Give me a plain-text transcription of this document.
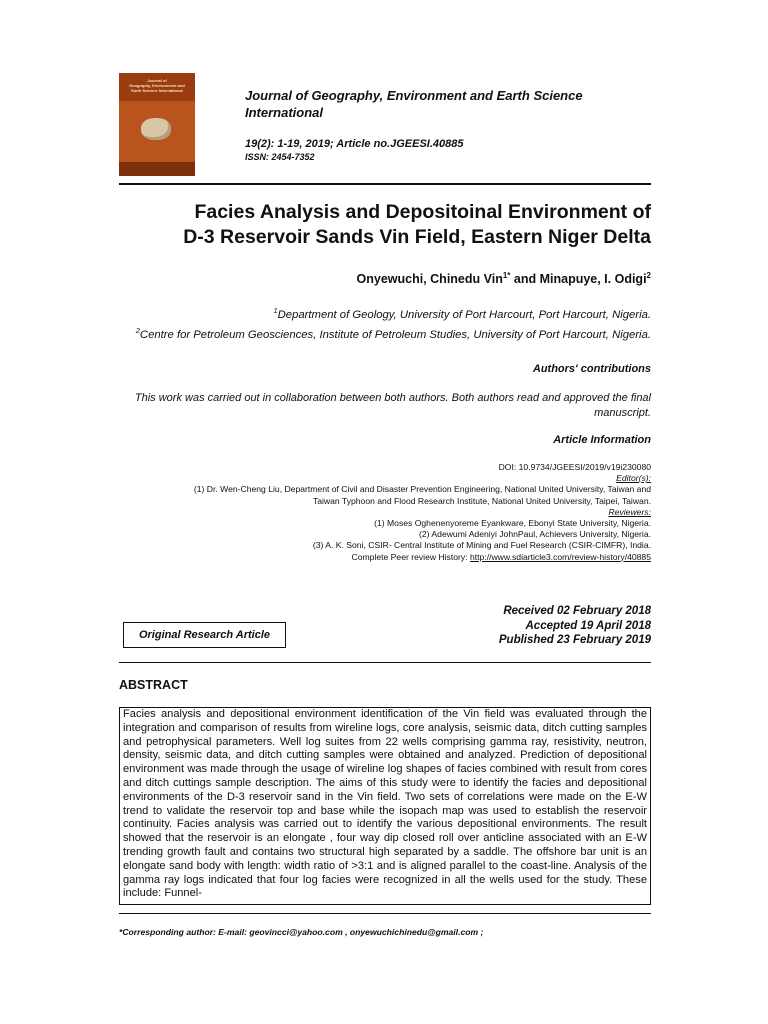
Journal of
Geography, Environment and
Earth Science International	Journal of Geography, Environment and Earth Science International
19(2): 1-19, 2019; Article no.JGEESI.40885
ISSN: 2454-7352
Facies Analysis and Depositoinal Environment of
D-3 Reservoir Sands Vin Field, Eastern Niger Delta
Onyewuchi, Chinedu Vin$^{1*}$ and Minapuye, I. Odigi$^2$
$^1$Department of Geology, University of Port Harcourt, Port Harcourt, Nigeria.
$^2$Centre for Petroleum Geosciences, Institute of Petroleum Studies, University of Port Harcourt, Nigeria.
Authors' contributions
This work was carried out in collaboration between both authors. Both authors read and approved the final manuscript.
Article Information
DOI: 10.9734/JGEESI/2019/v19i230080
Editor(s):
(1) Dr. Wen-Cheng Liu, Department of Civil and Disaster Prevention Engineering, National United University, Taiwan and
Taiwan Typhoon and Flood Research Institute, National United University, Taipei, Taiwan.
Reviewers:
(1) Moses Oghenenyoreme Eyankware, Ebonyi State University, Nigeria.
(2) Adewumi Adeniyi JohnPaul, Achievers University, Nigeria.
(3) A. K. Soni, CSIR- Central Institute of Mining and Fuel Research (CSIR-CIMFR), India.
Complete Peer review History: http://www.sdiarticle3.com/review-history/40885
Received 02 February 2018
Accepted 19 April 2018
Published 23 February 2019
Original Research Article
ABSTRACT

Facies analysis and depositional environment identification of the Vin field was evaluated through the integration and comparison of results from wireline logs, core analysis, seismic data, ditch cutting samples and petrophysical parameters. Well log suites from 22 wells comprising gamma ray, resistivity, neutron, density, seismic data, and ditch cutting samples were obtained and analyzed. Prediction of depositional environment was made through the usage of wireline log shapes of facies combined with result from cores and ditch cuttings sample description. The aims of this study were to identify the facies and depositional environments of the D-3 reservoir sand in the Vin field. Two sets of correlations were made on the E-W trend to validate the reservoir top and base while the isopach map was used to establish the reservoir continuity. Facies analysis was carried out to identify the various depositional environments. The result showed that the reservoir is an elongate , four way dip closed roll over anticline associated with an E-W trending growth fault and contains two structural high separated by a saddle. The offshore bar unit is an elongate sand body with length: width ratio of >3:1 and is aligned parallel to the coast-line. Analysis of the gamma ray logs indicated that four log facies were recognized in all the wells used for the study. These include: Funnel-

*Corresponding author: E-mail: geovincci@yahoo.com , onyewuchichinedu@gmail.com ;
